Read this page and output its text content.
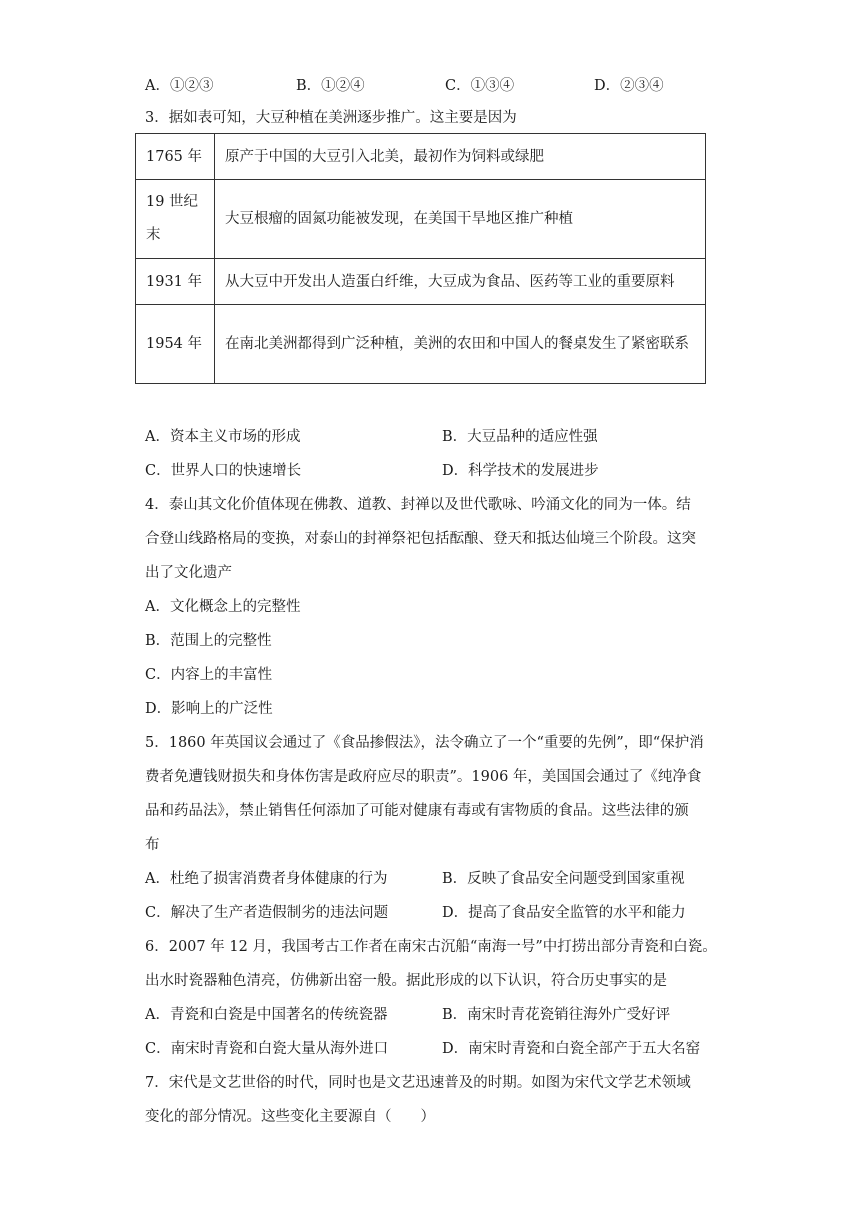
A．①②③	B．①②④	C．①③④	D．②③④
3．据如表可知，大豆种植在美洲逐步推广。这主要是因为
1765 年	原产于中国的大豆引入北美，最初作为饲料或绿肥
19 世纪末	大豆根瘤的固氮功能被发现，在美国干旱地区推广种植
1931 年	从大豆中开发出人造蛋白纤维，大豆成为食品、医药等工业的重要原料
1954 年	在南北美洲都得到广泛种植，美洲的农田和中国人的餐桌发生了紧密联系
A．资本主义市场的形成	B．大豆品种的适应性强
C．世界人口的快速增长	D．科学技术的发展进步
4．泰山其文化价值体现在佛教、道教、封禅以及世代歌咏、吟涌文化的同为一体。结
合登山线路格局的变换，对泰山的封禅祭祀包括酝酿、登天和抵达仙境三个阶段。这突
出了文化遗产
A．文化概念上的完整性
B．范围上的完整性
C．内容上的丰富性
D．影响上的广泛性
5．1860 年英国议会通过了《食品掺假法》，法令确立了一个“重要的先例”，即“保护消
费者免遭钱财损失和身体伤害是政府应尽的职责”。1906 年，美国国会通过了《纯净食
品和药品法》，禁止销售任何添加了可能对健康有毒或有害物质的食品。这些法律的颁
布
A．杜绝了损害消费者身体健康的行为	B．反映了食品安全问题受到国家重视
C．解决了生产者造假制劣的违法问题	D．提高了食品安全监管的水平和能力
6．2007 年 12 月，我国考古工作者在南宋古沉船“南海一号”中打捞出部分青瓷和白瓷。
出水时瓷器釉色清亮，仿佛新出窑一般。据此形成的以下认识，符合历史事实的是
A．青瓷和白瓷是中国著名的传统瓷器	B．南宋时青花瓷销往海外广受好评
C．南宋时青瓷和白瓷大量从海外进口	D．南宋时青瓷和白瓷全部产于五大名窑
7．宋代是文艺世俗的时代，同时也是文艺迅速普及的时期。如图为宋代文学艺术领域
变化的部分情况。这些变化主要源自（　　）
